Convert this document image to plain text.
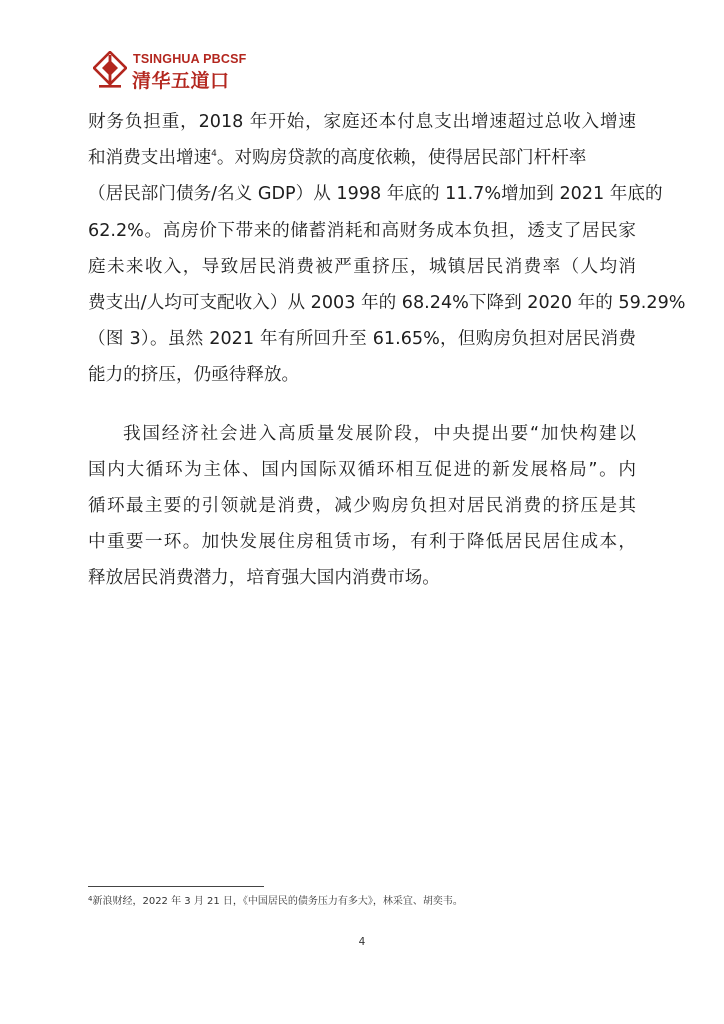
TSINGHUA PBCSF
清华五道口
财务负担重，2018 年开始，家庭还本付息支出增速超过总收入增速
和消费支出增速$^4$。对购房贷款的高度依赖，使得居民部门杆杆率
（居民部门债务/名义 GDP）从 1998 年底的 11.7%增加到 2021 年底的
62.2%。高房价下带来的储蓄消耗和高财务成本负担，透支了居民家
庭未来收入，导致居民消费被严重挤压，城镇居民消费率（人均消
费支出/人均可支配收入）从 2003 年的 68.24%下降到 2020 年的 59.29%
（图 3）。虽然 2021 年有所回升至 61.65%，但购房负担对居民消费
能力的挤压，仍亟待释放。
我国经济社会进入高质量发展阶段，中央提出要“加快构建以
国内大循环为主体、国内国际双循环相互促进的新发展格局”。内
循环最主要的引领就是消费，减少购房负担对居民消费的挤压是其
中重要一环。加快发展住房租赁市场，有利于降低居民居住成本，
释放居民消费潜力，培育强大国内消费市场。
$^4$新浪财经，2022 年 3 月 21 日，《中国居民的债务压力有多大》，林采宜、胡奕韦。
4
